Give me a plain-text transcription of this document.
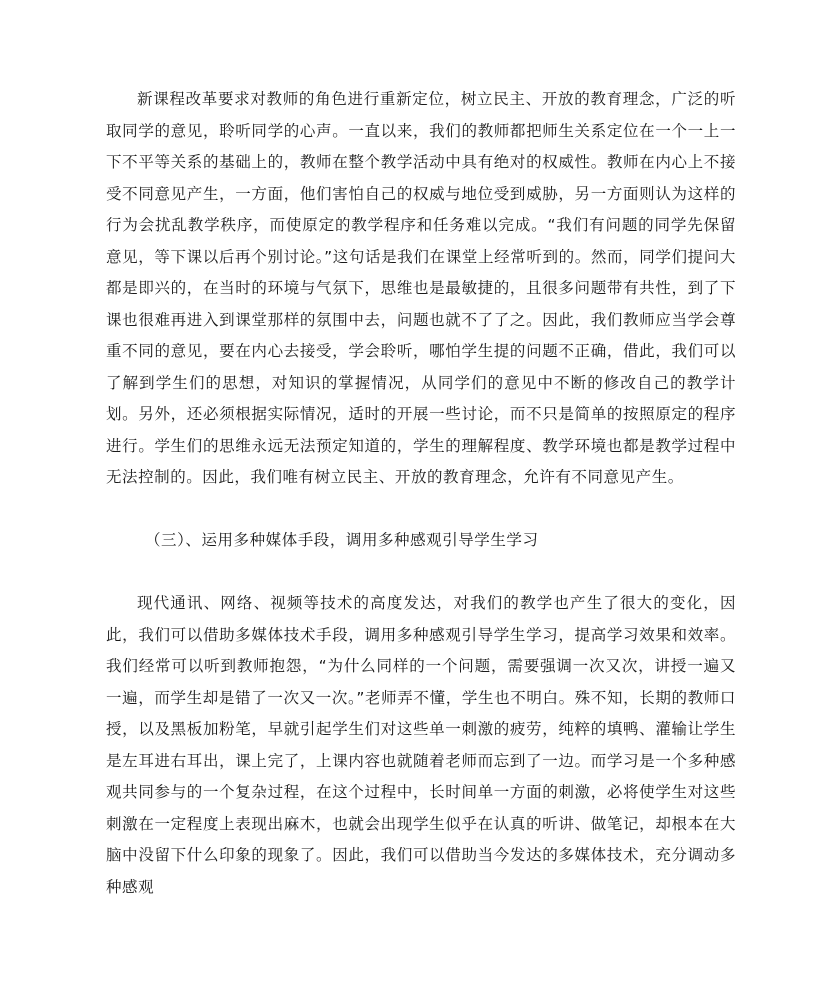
新课程改革要求对教师的角色进行重新定位，树立民主、开放的教育理念，广泛的听取同学的意见，聆听同学的心声。一直以来，我们的教师都把师生关系定位在一个一上一下不平等关系的基础上的，教师在整个教学活动中具有绝对的权威性。教师在内心上不接受不同意见产生，一方面，他们害怕自己的权威与地位受到威胁，另一方面则认为这样的行为会扰乱教学秩序，而使原定的教学程序和任务难以完成。“我们有问题的同学先保留意见，等下课以后再个别讨论。”这句话是我们在课堂上经常听到的。然而，同学们提问大都是即兴的，在当时的环境与气氛下，思维也是最敏捷的，且很多问题带有共性，到了下课也很难再进入到课堂那样的氛围中去，问题也就不了了之。因此，我们教师应当学会尊重不同的意见，要在内心去接受，学会聆听，哪怕学生提的问题不正确，借此，我们可以了解到学生们的思想，对知识的掌握情况，从同学们的意见中不断的修改自己的教学计划。另外，还必须根据实际情况，适时的开展一些讨论，而不只是简单的按照原定的程序进行。学生们的思维永远无法预定知道的，学生的理解程度、教学环境也都是教学过程中无法控制的。因此，我们唯有树立民主、开放的教育理念，允许有不同意见产生。

（三）、运用多种媒体手段，调用多种感观引导学生学习

现代通讯、网络、视频等技术的高度发达，对我们的教学也产生了很大的变化，因此，我们可以借助多媒体技术手段，调用多种感观引导学生学习，提高学习效果和效率。我们经常可以听到教师抱怨，“为什么同样的一个问题，需要强调一次又次，讲授一遍又一遍，而学生却是错了一次又一次。”老师弄不懂，学生也不明白。殊不知，长期的教师口授，以及黑板加粉笔，早就引起学生们对这些单一刺激的疲劳，纯粹的填鸭、灌输让学生是左耳进右耳出，课上完了，上课内容也就随着老师而忘到了一边。而学习是一个多种感观共同参与的一个复杂过程，在这个过程中，长时间单一方面的刺激，必将使学生对这些刺激在一定程度上表现出麻木，也就会出现学生似乎在认真的听讲、做笔记，却根本在大脑中没留下什么印象的现象了。因此，我们可以借助当今发达的多媒体技术，充分调动多种感观
